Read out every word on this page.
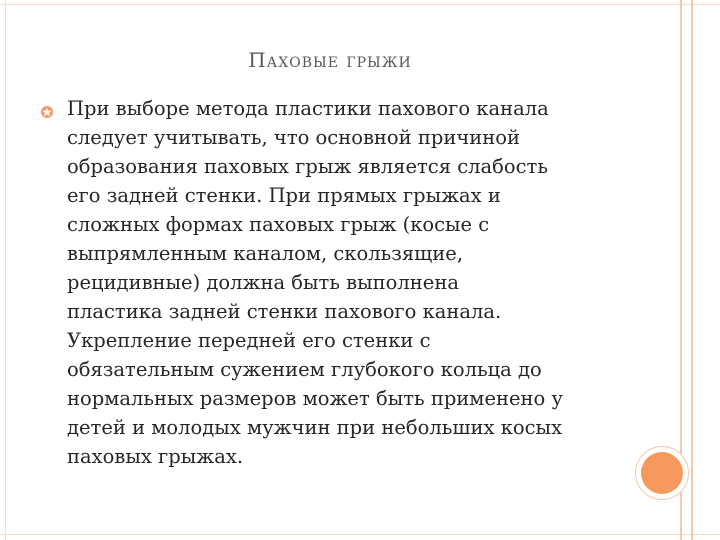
Паховые грыжи
При выборе метода пластики пахового канала
следует учитывать, что основной причиной
образования паховых грыж является слабость
его задней стенки. При прямых грыжах и
сложных формах паховых грыж (косые с
выпрямленным каналом, скользящие,
рецидивные) должна быть выполнена
пластика задней стенки пахового канала.
Укрепление передней его стенки с
обязательным сужением глубокого кольца до
нормальных размеров может быть применено у
детей и молодых мужчин при небольших косых
паховых грыжах.
